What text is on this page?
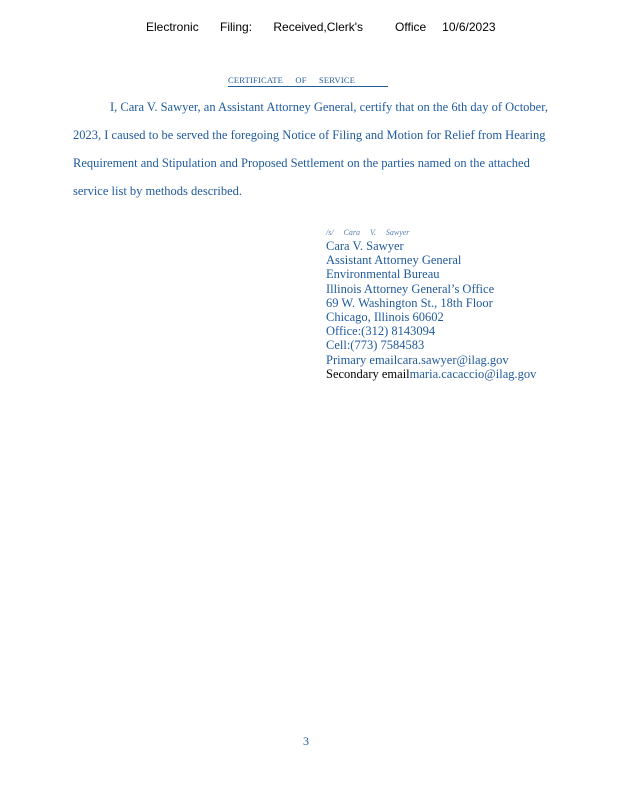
Electronic    Filing:    Received,Clerk's      Office   10/6/2023
CERTIFICATE OF SERVICE
I, Cara V. Sawyer, an Assistant Attorney General, certify that on the 6th day of October,
2023, I caused to be served the foregoing Notice of Filing and Motion for Relief from Hearing
Requirement and Stipulation and Proposed Settlement on the parties named on the attached
service list by methods described.
/s/ Cara V. Sawyer
Cara V. Sawyer
Assistant Attorney General
Environmental Bureau
Illinois Attorney General’s Office
69 W. Washington St., 18th Floor
Chicago, Illinois 60602
Office:(312) 8143094
Cell:(773) 7584583
Primary emailcara.sawyer@ilag.gov
Secondary emailmaria.cacaccio@ilag.gov
3
